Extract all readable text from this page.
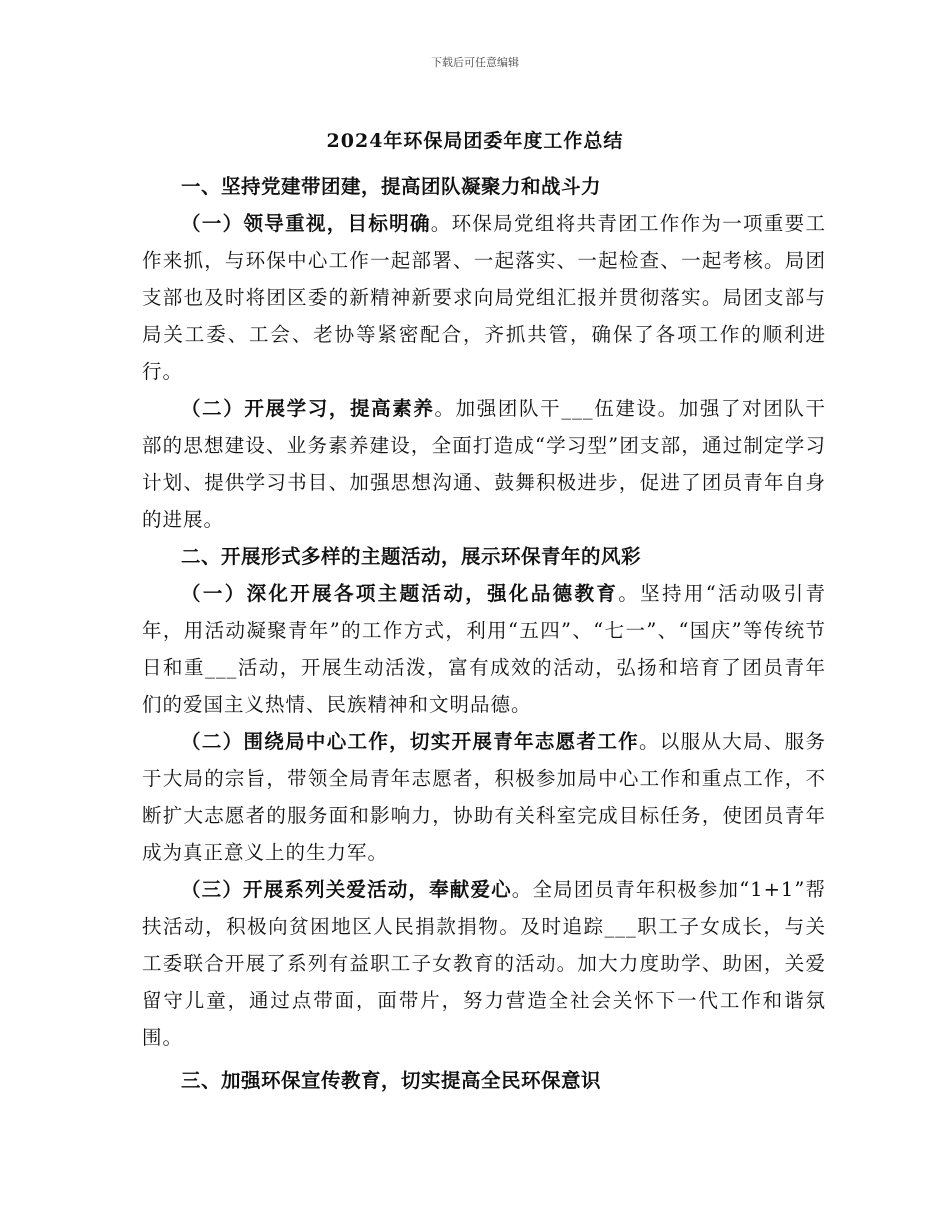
下载后可任意编辑
2024年环保局团委年度工作总结

一、坚持党建带团建，提高团队凝聚力和战斗力

（一）领导重视，目标明确。环保局党组将共青团工作作为一项重要工作来抓，与环保中心工作一起部署、一起落实、一起检查、一起考核。局团支部也及时将团区委的新精神新要求向局党组汇报并贯彻落实。局团支部与局关工委、工会、老协等紧密配合，齐抓共管，确保了各项工作的顺利进行。

（二）开展学习，提高素养。加强团队干___伍建设。加强了对团队干部的思想建设、业务素养建设，全面打造成“学习型”团支部，通过制定学习计划、提供学习书目、加强思想沟通、鼓舞积极进步，促进了团员青年自身的进展。

二、开展形式多样的主题活动，展示环保青年的风彩

（一）深化开展各项主题活动，强化品德教育。坚持用“活动吸引青年，用活动凝聚青年”的工作方式，利用“五四”、“七一”、“国庆”等传统节日和重___活动，开展生动活泼，富有成效的活动，弘扬和培育了团员青年们的爱国主义热情、民族精神和文明品德。

（二）围绕局中心工作，切实开展青年志愿者工作。以服从大局、服务于大局的宗旨，带领全局青年志愿者，积极参加局中心工作和重点工作，不断扩大志愿者的服务面和影响力，协助有关科室完成目标任务，使团员青年成为真正意义上的生力军。

（三）开展系列关爱活动，奉献爱心。全局团员青年积极参加“1+1”帮扶活动，积极向贫困地区人民捐款捐物。及时追踪___职工子女成长，与关工委联合开展了系列有益职工子女教育的活动。加大力度助学、助困，关爱留守儿童，通过点带面，面带片，努力营造全社会关怀下一代工作和谐氛围。

三、加强环保宣传教育，切实提高全民环保意识
